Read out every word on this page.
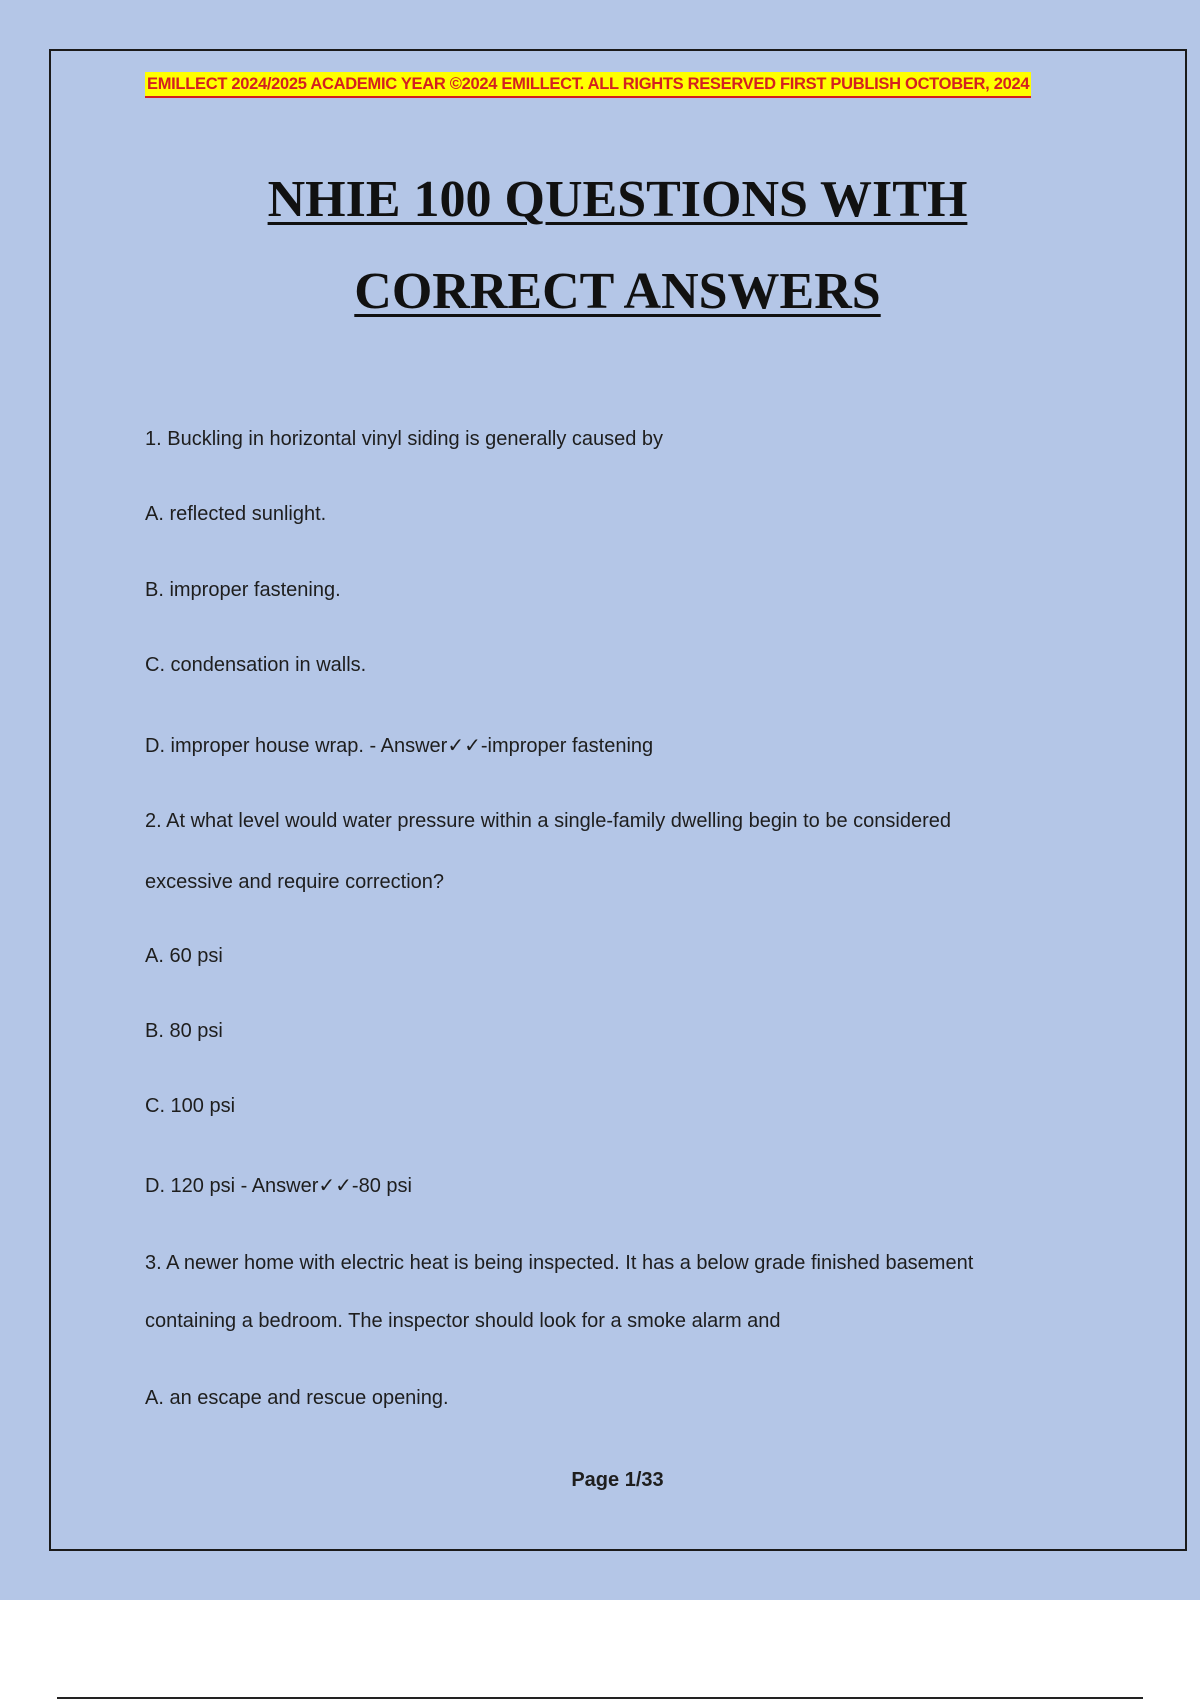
EMILLECT 2024/2025 ACADEMIC YEAR ©2024 EMILLECT. ALL RIGHTS RESERVED FIRST PUBLISH OCTOBER, 2024
NHIE 100 QUESTIONS WITH
CORRECT ANSWERS
1. Buckling in horizontal vinyl siding is generally caused by
A. reflected sunlight.
B. improper fastening.
C. condensation in walls.
D. improper house wrap. - Answer✓✓-improper fastening
2. At what level would water pressure within a single-family dwelling begin to be considered
excessive and require correction?
A. 60 psi
B. 80 psi
C. 100 psi
D. 120 psi - Answer✓✓-80 psi
3. A newer home with electric heat is being inspected. It has a below grade finished basement
containing a bedroom. The inspector should look for a smoke alarm and
A. an escape and rescue opening.
Page 1/33
